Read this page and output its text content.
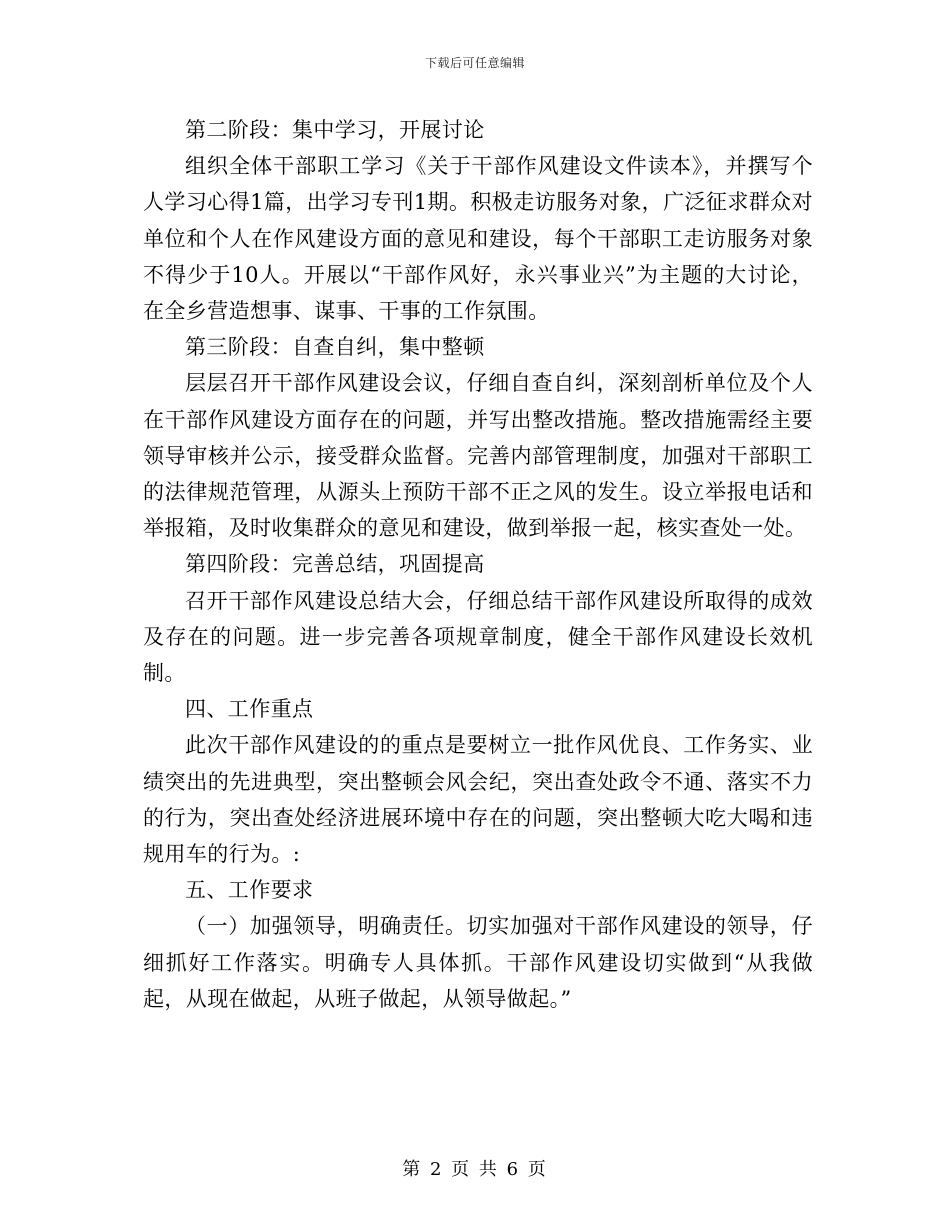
下载后可任意编辑

第二阶段：集中学习，开展讨论

组织全体干部职工学习《关于干部作风建设文件读本》，并撰写个人学习心得1篇，出学习专刊1期。积极走访服务对象，广泛征求群众对单位和个人在作风建设方面的意见和建设，每个干部职工走访服务对象不得少于10人。开展以“干部作风好，永兴事业兴”为主题的大讨论，在全乡营造想事、谋事、干事的工作氛围。

第三阶段：自查自纠，集中整顿

层层召开干部作风建设会议，仔细自查自纠，深刻剖析单位及个人在干部作风建设方面存在的问题，并写出整改措施。整改措施需经主要领导审核并公示，接受群众监督。完善内部管理制度，加强对干部职工的法律规范管理，从源头上预防干部不正之风的发生。设立举报电话和举报箱，及时收集群众的意见和建设，做到举报一起，核实查处一处。

第四阶段：完善总结，巩固提高

召开干部作风建设总结大会，仔细总结干部作风建设所取得的成效及存在的问题。进一步完善各项规章制度，健全干部作风建设长效机制。

四、工作重点

此次干部作风建设的的重点是要树立一批作风优良、工作务实、业绩突出的先进典型，突出整顿会风会纪，突出查处政令不通、落实不力的行为，突出查处经济进展环境中存在的问题，突出整顿大吃大喝和违规用车的行为。:

五、工作要求

（一）加强领导，明确责任。切实加强对干部作风建设的领导，仔细抓好工作落实。明确专人具体抓。干部作风建设切实做到“从我做起，从现在做起，从班子做起，从领导做起。”

第 2 页 共 6 页
